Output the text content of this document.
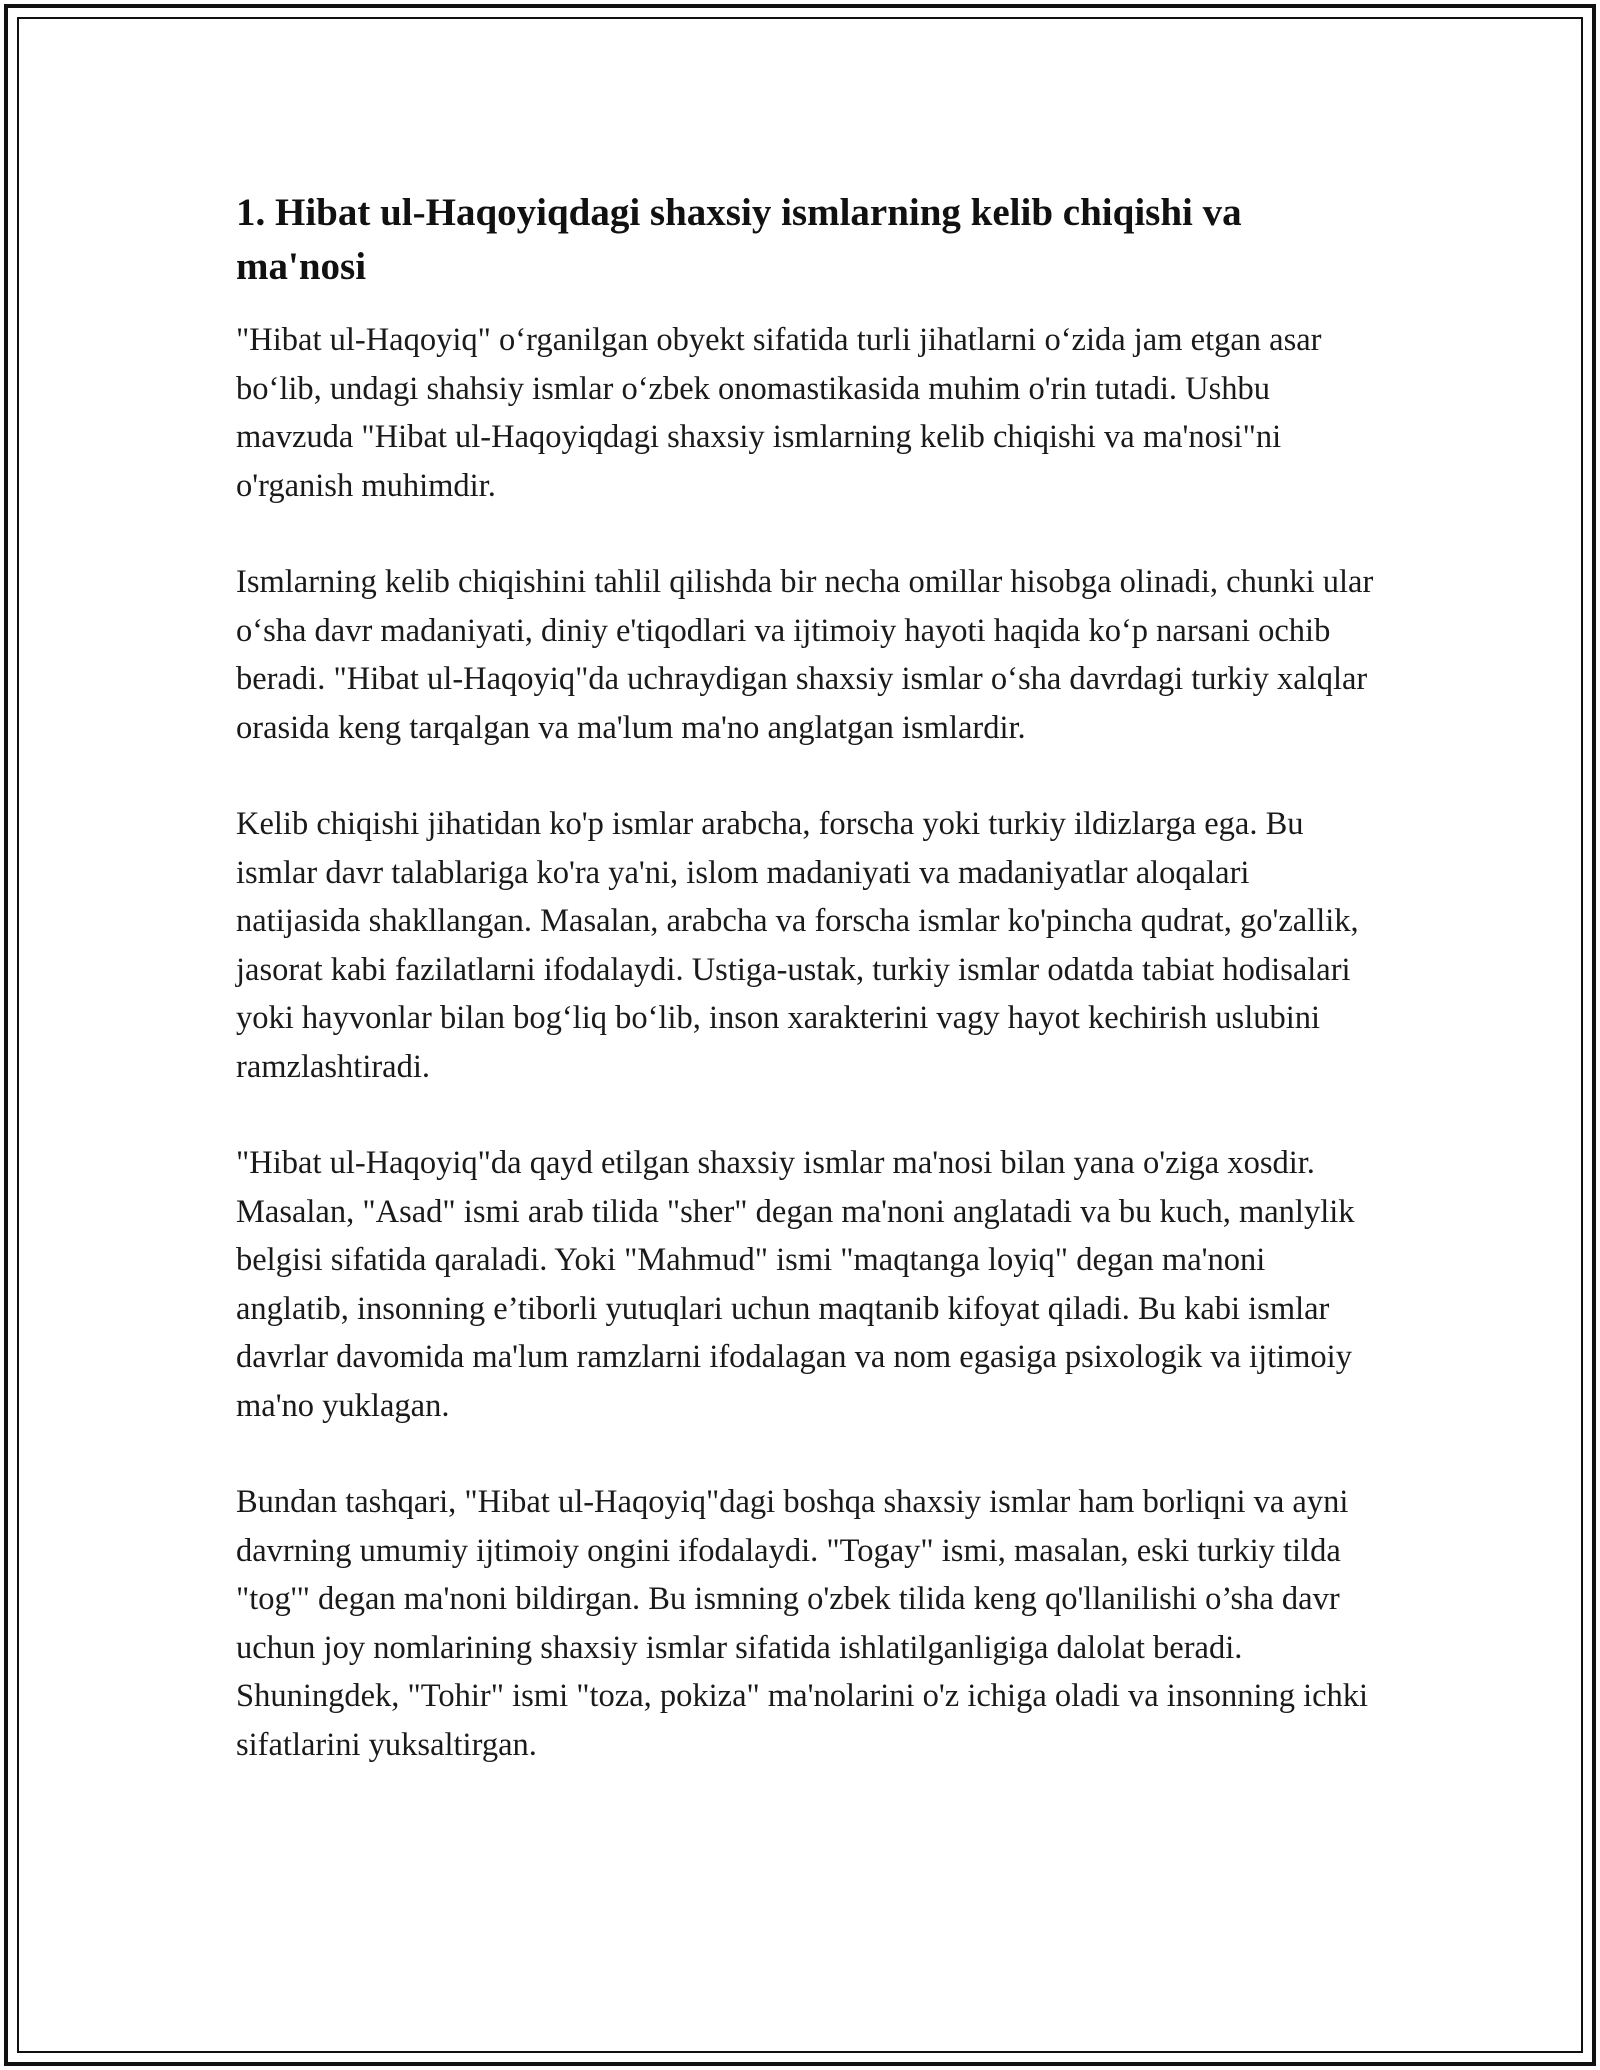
1. Hibat ul-Haqoyiqdagi shaxsiy ismlarning kelib chiqishi va ma'nosi

"Hibat ul-Haqoyiq" o‘rganilgan obyekt sifatida turli jihatlarni o‘zida jam etgan asar bo‘lib, undagi shahsiy ismlar o‘zbek onomastikasida muhim o'rin tutadi. Ushbu mavzuda "Hibat ul-Haqoyiqdagi shaxsiy ismlarning kelib chiqishi va ma'nosi"ni o'rganish muhimdir.

Ismlarning kelib chiqishini tahlil qilishda bir necha omillar hisobga olinadi, chunki ular o‘sha davr madaniyati, diniy e'tiqodlari va ijtimoiy hayoti haqida ko‘p narsani ochib beradi. "Hibat ul-Haqoyiq"da uchraydigan shaxsiy ismlar o‘sha davrdagi turkiy xalqlar orasida keng tarqalgan va ma'lum ma'no anglatgan ismlardir.

Kelib chiqishi jihatidan ko'p ismlar arabcha, forscha yoki turkiy ildizlarga ega. Bu ismlar davr talablariga ko'ra ya'ni, islom madaniyati va madaniyatlar aloqalari natijasida shakllangan. Masalan, arabcha va forscha ismlar ko'pincha qudrat, go'zallik, jasorat kabi fazilatlarni ifodalaydi. Ustiga-ustak, turkiy ismlar odatda tabiat hodisalari yoki hayvonlar bilan bog‘liq bo‘lib, inson xarakterini vagy hayot kechirish uslubini ramzlashtiradi.

"Hibat ul-Haqoyiq"da qayd etilgan shaxsiy ismlar ma'nosi bilan yana o'ziga xosdir. Masalan, "Asad" ismi arab tilida "sher" degan ma'noni anglatadi va bu kuch, manlylik belgisi sifatida qaraladi. Yoki "Mahmud" ismi "maqtanga loyiq" degan ma'noni anglatib, insonning e’tiborli yutuqlari uchun maqtanib kifoyat qiladi. Bu kabi ismlar davrlar davomida ma'lum ramzlarni ifodalagan va nom egasiga psixologik va ijtimoiy ma'no yuklagan.

Bundan tashqari, "Hibat ul-Haqoyiq"dagi boshqa shaxsiy ismlar ham borliqni va ayni davrning umumiy ijtimoiy ongini ifodalaydi. "Togay" ismi, masalan, eski turkiy tilda "tog'" degan ma'noni bildirgan. Bu ismning o'zbek tilida keng qo'llanilishi o’sha davr uchun joy nomlarining shaxsiy ismlar sifatida ishlatilganligiga dalolat beradi. Shuningdek, "Tohir" ismi "toza, pokiza" ma'nolarini o'z ichiga oladi va insonning ichki sifatlarini yuksaltirgan.
